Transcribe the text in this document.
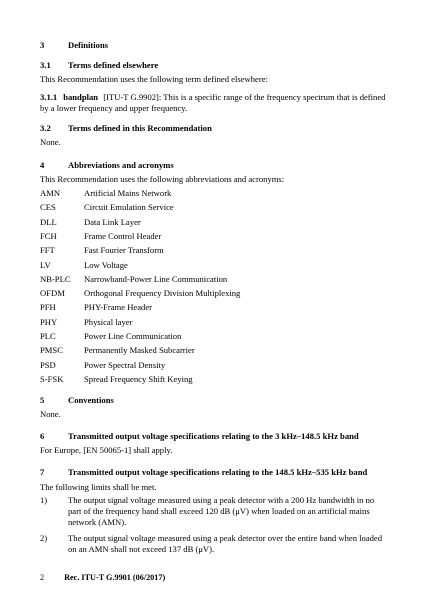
3	Definitions
3.1	Terms defined elsewhere

This Recommendation uses the following term defined elsewhere:

3.1.1 bandplan [ITU-T G.9902]: This is a specific range of the frequency spectrum that is defined by a lower frequency and upper frequency.

3.2	Terms defined in this Recommendation

None.

4	Abbreviations and acronyms

This Recommendation uses the following abbreviations and acronyms:

AMN	Artificial Mains Network
CES	Circuit Emulation Service
DLL	Data Link Layer
FCH	Frame Control Header
FFT	Fast Fourier Transform
LV	Low Voltage
NB-PLC	Narrowband-Power Line Communication
OFDM	Orthogonal Frequency Division Multiplexing
PFH	PHY-Frame Header
PHY	Physical layer
PLC	Power Line Communication
PMSC	Permanently Masked Subcarrier
PSD	Power Spectral Density
S-FSK	Spread Frequency Shift Keying
5	Conventions

None.

6	Transmitted output voltage specifications relating to the 3 kHz–148.5 kHz band

For Europe, [EN 50065-1] shall apply.

7	Transmitted output voltage specifications relating to the 148.5 kHz–535 kHz band

The following limits shall be met.

1)	The output signal voltage measured using a peak detector with a 200 Hz bandwidth in no part of the frequency band shall exceed 120 dB (μV) when loaded on an artificial mains network (AMN).
2)	The output signal voltage measured using a peak detector over the entire band when loaded on an AMN shall not exceed 137 dB (μV).
2 Rec. ITU-T G.9901 (06/2017)
